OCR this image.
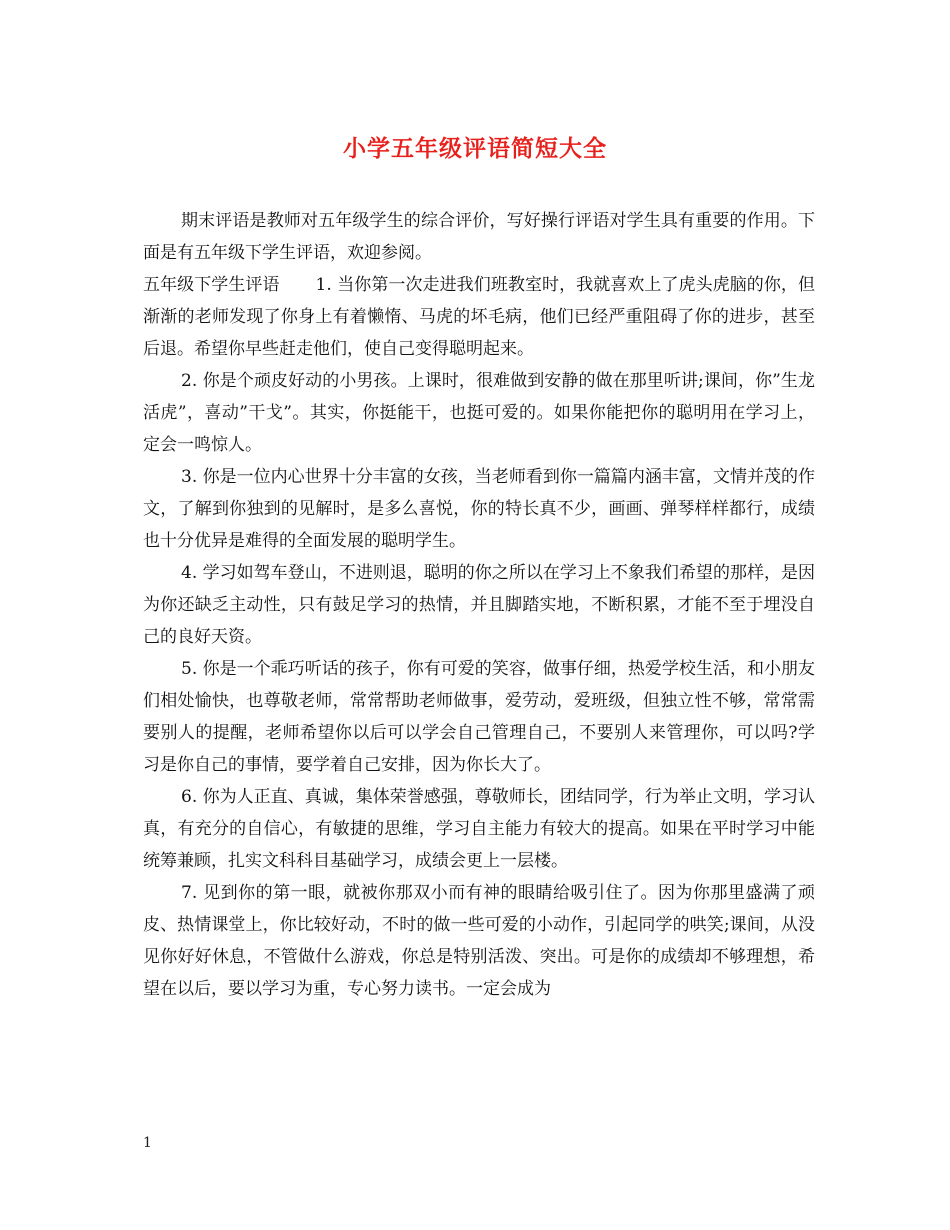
小学五年级评语简短大全

期末评语是教师对五年级学生的综合评价，写好操行评语对学生具有重要的作用。下面是有五年级下学生评语，欢迎参阅。

五年级下学生评语 1. 当你第一次走进我们班教室时，我就喜欢上了虎头虎脑的你，但渐渐的老师发现了你身上有着懒惰、马虎的坏毛病，他们已经严重阻碍了你的进步，甚至后退。希望你早些赶走他们，使自己变得聪明起来。

2. 你是个顽皮好动的小男孩。上课时，很难做到安静的做在那里听讲;课间，你”生龙活虎”，喜动”干戈”。其实，你挺能干，也挺可爱的。如果你能把你的聪明用在学习上，定会一鸣惊人。

3. 你是一位内心世界十分丰富的女孩，当老师看到你一篇篇内涵丰富，文情并茂的作文，了解到你独到的见解时，是多么喜悦，你的特长真不少，画画、弹琴样样都行，成绩也十分优异是难得的全面发展的聪明学生。

4. 学习如驾车登山，不进则退，聪明的你之所以在学习上不象我们希望的那样，是因为你还缺乏主动性，只有鼓足学习的热情，并且脚踏实地，不断积累，才能不至于埋没自己的良好天资。

5. 你是一个乖巧听话的孩子，你有可爱的笑容，做事仔细，热爱学校生活，和小朋友们相处愉快，也尊敬老师，常常帮助老师做事，爱劳动，爱班级，但独立性不够，常常需要别人的提醒，老师希望你以后可以学会自己管理自己，不要别人来管理你，可以吗?学习是你自己的事情，要学着自己安排，因为你长大了。

6. 你为人正直、真诚，集体荣誉感强，尊敬师长，团结同学，行为举止文明，学习认真，有充分的自信心，有敏捷的思维，学习自主能力有较大的提高。如果在平时学习中能统筹兼顾，扎实文科科目基础学习，成绩会更上一层楼。

7. 见到你的第一眼，就被你那双小而有神的眼睛给吸引住了。因为你那里盛满了顽皮、热情课堂上，你比较好动，不时的做一些可爱的小动作，引起同学的哄笑;课间，从没见你好好休息，不管做什么游戏，你总是特别活泼、突出。可是你的成绩却不够理想，希望在以后，要以学习为重，专心努力读书。一定会成为

1
